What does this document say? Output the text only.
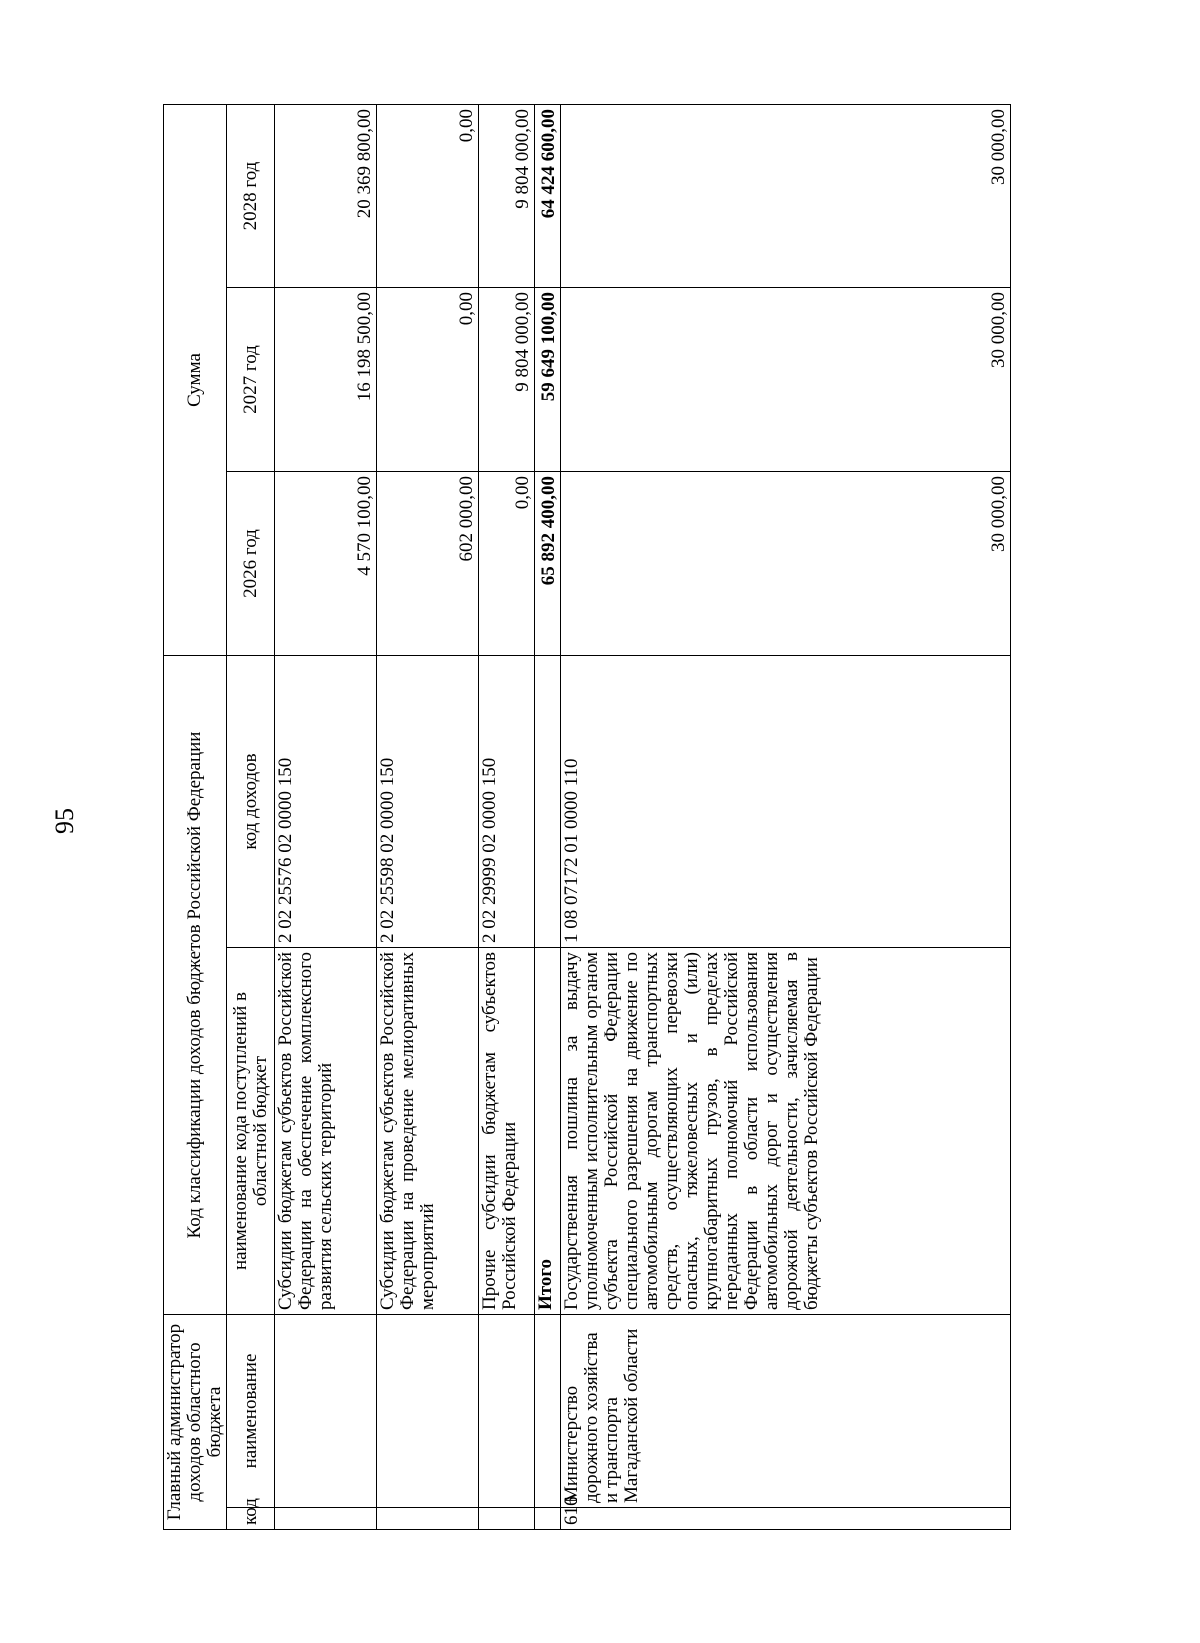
95
Главный администратор доходов областного бюджета		Код классификации доходов бюджетов Российской Федерации		Сумма		
код	наименование	наименование кода поступлений в областной бюджет	код доходов	2026 год	2027 год	2028 год
		Субсидии бюджетам субъектов Российской Федерации на обеспечение комплексного развития сельских территорий	2 02 25576 02 0000 150	4 570 100,00	16 198 500,00	20 369 800,00
		Субсидии бюджетам субъектов Российской Федерации на проведение мелиоративных мероприятий	2 02 25598 02 0000 150	602 000,00	0,00	0,00
		Прочие субсидии бюджетам субъектов Российской Федерации	2 02 29999 02 0000 150	0,00	9 804 000,00	9 804 000,00
		Итого		65 892 400,00	59 649 100,00	64 424 600,00
616	Министерство дорожного хозяйства и транспорта Магаданской области	Государственная пошлина за выдачу уполномоченным исполнительным органом субъекта Российской Федерации специального разрешения на движение по автомобильным дорогам транспортных средств, осуществляющих перевозки опасных, тяжеловесных и (или) крупногабаритных грузов, в пределах переданных полномочий Российской Федерации в области использования автомобильных дорог и осуществления дорожной деятельности, зачисляемая в бюджеты субъектов Российской Федерации	1 08 07172 01 0000 110	30 000,00	30 000,00	30 000,00
